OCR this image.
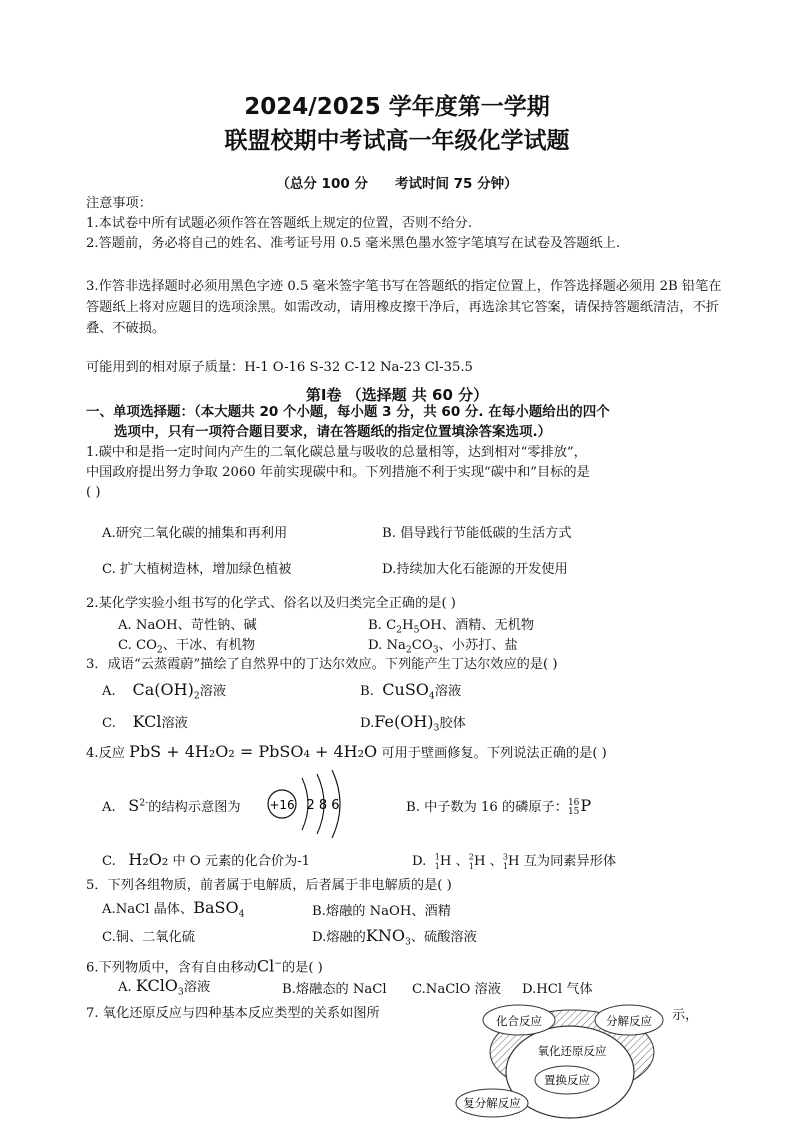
2024/2025 学年度第一学期
联盟校期中考试高一年级化学试题
（总分 100 分　　考试时间 75 分钟）
注意事项：
1.本试卷中所有试题必须作答在答题纸上规定的位置，否则不给分.
2.答题前，务必将自己的姓名、准考证号用 0.5 毫米黑色墨水签字笔填写在试卷及答题纸上.
3.作答非选择题时必须用黑色字迹 0.5 毫米签字笔书写在答题纸的指定位置上，作答选择题必须用 2B 铅笔在答题纸上将对应题目的选项涂黑。如需改动，请用橡皮擦干净后，再选涂其它答案，请保持答题纸清洁，不折叠、不破损。
可能用到的相对原子质量：H-1 O-16 S-32 C-12 Na-23 Cl-35.5
第Ⅰ卷 （选择题 共 60 分）
一、单项选择题：（本大题共 20 个小题，每小题 3 分，共 60 分. 在每小题给出的四个
选项中，只有一项符合题目要求，请在答题纸的指定位置填涂答案选项.）
1.碳中和是指一定时间内产生的二氧化碳总量与吸收的总量相等，达到相对“零排放”，
中国政府提出努力争取 2060 年前实现碳中和。下列措施不利于实现“碳中和”目标的是
( )
A.研究二氧化碳的捕集和再利用	B. 倡导践行节能低碳的生活方式
C. 扩大植树造林，增加绿色植被	D.持续加大化石能源的开发使用
2.某化学实验小组书写的化学式、俗名以及归类完全正确的是( )
A. NaOH、苛性钠、碱	B. $C_2H_5OH$、酒精、无机物
C. $CO_2$、干冰、有机物	D. $Na_2CO_3$、小苏打、盐
3．成语“云蒸霞蔚”描绘了自然界中的丁达尔效应。下列能产生丁达尔效应的是( )
A. $Ca(OH)_2$溶液	B. CuSO$_4$溶液
C. KCl溶液	$D.Fe(OH)_3$胶体
4.反应 PbS + 4H₂O₂ = PbSO₄ + 4H₂O 可用于壁画修复。下列说法正确的是( )
A. $S^{2-}$的结构示意图为 +16 2 8 6	B. 中子数为 16 的磷原子：16
15P
C. H₂O₂ 中 O 元素的化合价为-1	D. $^1_1$H 、$^2_1$H 、$^3_1$H 互为同素异形体
5．下列各组物质，前者属于电解质，后者属于非电解质的是( )
A.NaCl 晶体、BaSO$_4$	B.熔融的 NaOH、酒精
C.铜、二氧化硫	D.熔融的$KNO_3$、硫酸溶液
6.下列物质中，含有自由移动Cl−的是( )
A. KClO$_3$溶液	B.熔融态的 NaCl C.NaClO 溶液 D.HCl 气体
7. 氧化还原反应与四种基本反应类型的关系如图所	示，
化合反应	分解反应
氧化还原反应
置换反应
复分解反应
